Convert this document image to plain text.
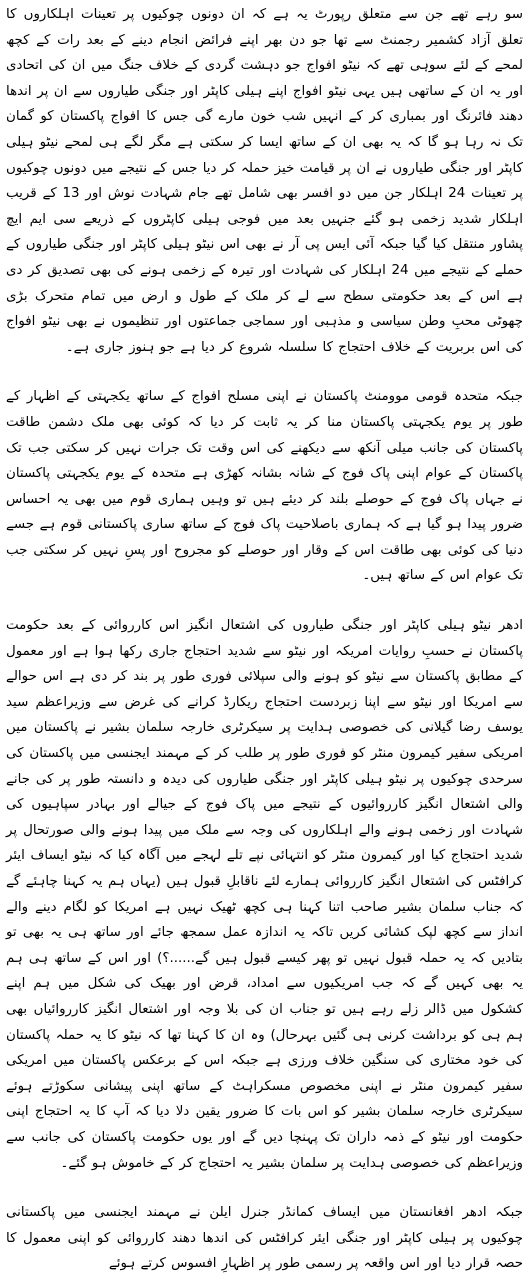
سو رہے تھے جن سے متعلق رپورٹ یہ ہے کہ ان دونوں چوکیوں پر تعینات اہلکاروں کا تعلق آزاد کشمیر رجمنٹ سے تھا جو دن بھر اپنے فرائض انجام دینے کے بعد رات کے کچھ لمحے کے لئے سوہی تھے کہ نیٹو افواج جو دہشت گردی کے خلاف جنگ میں ان کی اتحادی اور یہ ان کے ساتھی ہیں یہی نیٹو افواج اپنے ہیلی کاپٹر اور جنگی طیاروں سے ان پر اندھا دھند فائرنگ اور بمباری کر کے انہیں شب خون مارے گی جس کا افواج پاکستان کو گمان تک نہ رہا ہو گا کہ یہ بھی ان کے ساتھ ایسا کر سکتی ہے مگر لگے ہی لمحے نیٹو ہیلی کاپٹر اور جنگی طیاروں نے ان پر قیامت خیز حملہ کر دیا جس کے نتیجے میں دونوں چوکیوں پر تعینات 24 اہلکار جن میں دو افسر بھی شامل تھے جام شہادت نوش اور 13 کے قریب اہلکار شدید زخمی ہو گئے جنہیں بعد میں فوجی ہیلی کاپٹروں کے ذریعے سی ایم ایچ پشاور منتقل کیا گیا جبکہ آئی ایس پی آر نے بھی اس نیٹو ہیلی کاپٹر اور جنگی طیاروں کے حملے کے نتیجے میں 24 اہلکار کی شہادت اور تیرہ کے زخمی ہونے کی بھی تصدیق کر دی ہے اس کے بعد حکومتی سطح سے لے کر ملک کے طول و ارض میں تمام متحرک بڑی چھوٹی محبِ وطن سیاسی و مذہبی اور سماجی جماعتوں اور تنظیموں نے بھی نیٹو افواج کی اس بربریت کے خلاف احتجاج کا سلسلہ شروع کر دیا ہے جو ہنوز جاری ہے۔

جبکہ متحدہ قومی موومنٹ پاکستان نے اپنی مسلح افواج کے ساتھ یکجہتی کے اظہار کے طور پر یوم یکجہتی پاکستان منا کر یہ ثابت کر دیا کہ کوئی بھی ملک دشمن طاقت پاکستان کی جانب میلی آنکھ سے دیکھنے کی اس وقت تک جرات نہیں کر سکتی جب تک پاکستان کے عوام اپنی پاک فوج کے شانہ بشانہ کھڑی ہے متحدہ کے یوم یکجہتی پاکستان نے جہاں پاک فوج کے حوصلے بلند کر دیئے ہیں تو وہیں ہماری قوم میں بھی یہ احساس ضرور پیدا ہو گیا ہے کہ ہماری باصلاحیت پاک فوج کے ساتھ ساری پاکستانی قوم ہے جسے دنیا کی کوئی بھی طاقت اس کے وقار اور حوصلے کو مجروح اور پسِ نہیں کر سکتی جب تک عوام اس کے ساتھ ہیں۔

ادھر نیٹو ہیلی کاپٹر اور جنگی طیاروں کی اشتعال انگیز اس کارروائی کے بعد حکومت پاکستان نے حسبِ روایات امریکہ اور نیٹو سے شدید احتجاج جاری رکھا ہوا ہے اور معمول کے مطابق پاکستان سے نیٹو کو ہونے والی سپلائی فوری طور پر بند کر دی ہے اس حوالے سے امریکا اور نیٹو سے اپنا زبردست احتجاج ریکارڈ کرانے کی غرض سے وزیراعظم سید یوسف رضا گیلانی کی خصوصی ہدایت پر سیکرٹری خارجہ سلمان بشیر نے پاکستان میں امریکی سفیر کیمرون منٹر کو فوری طور پر طلب کر کے مہمند ایجنسی میں پاکستان کی سرحدی چوکیوں پر نیٹو ہیلی کاپٹر اور جنگی طیاروں کی دیدہ و دانستہ طور پر کی جانے والی اشتعال انگیز کارروائیوں کے نتیجے میں پاک فوج کے جیالے اور بہادر سپاہیوں کی شہادت اور زخمی ہونے والے اہلکاروں کی وجہ سے ملک میں پیدا ہونے والی صورتحال پر شدید احتجاج کیا اور کیمرون منٹر کو انتہائی نپے تلے لہجے میں آگاہ کیا کہ نیٹو ایساف ایئر کرافٹس کی اشتعال انگیز کارروائی ہمارے لئے ناقابلِ قبول ہیں (یہاں ہم یہ کہنا چاہئے گے کہ جناب سلمان بشیر صاحب اتنا کہنا ہی کچھ ٹھیک نہیں ہے امریکا کو لگام دینے والے انداز سے کچھ لپک کشائی کریں تاکہ یہ اندازہ عمل سمجھ جائے اور ساتھ ہی یہ بھی تو بتادیں کہ یہ حملہ قبول نہیں تو پھر کیسے قبول ہیں گے......؟) اور اس کے ساتھ ہی ہم یہ بھی کہیں گے کہ جب امریکیوں سے امداد، قرض اور بھیک کی شکل میں ہم اپنے کشکول میں ڈالر زلے رہے ہیں تو جناب ان کی بلا وجہ اور اشتعال انگیز کارروائیاں بھی ہم ہی کو برداشت کرنی ہی گئیں بہرحال) وہ ان کا کہنا تھا کہ نیٹو کا یہ حملہ پاکستان کی خود مختاری کی سنگین خلاف ورزی ہے جبکہ اس کے برعکس پاکستان میں امریکی سفیر کیمرون منٹر نے اپنی مخصوص مسکراہٹ کے ساتھ اپنی پیشانی سکوڑتے ہوئے سیکرٹری خارجہ سلمان بشیر کو اس بات کا ضرور یقین دلا دیا کہ آپ کا یہ احتجاج اپنی حکومت اور نیٹو کے ذمہ داران تک پہنچا دیں گے اور یوں حکومت پاکستان کی جانب سے وزیراعظم کی خصوصی ہدایت پر سلمان بشیر یہ احتجاج کر کے خاموش ہو گئے۔

جبکہ ادھر افغانستان میں ایساف کمانڈر جنرل ایلن نے مہمند ایجنسی میں پاکستانی چوکیوں پر ہیلی کاپٹر اور جنگی ایئر کرافٹس کی اندھا دھند کارروائی کو اپنی معمول کا حصہ قرار دیا اور اس واقعہ پر رسمی طور پر اظہارِ افسوس کرتے ہوئے
